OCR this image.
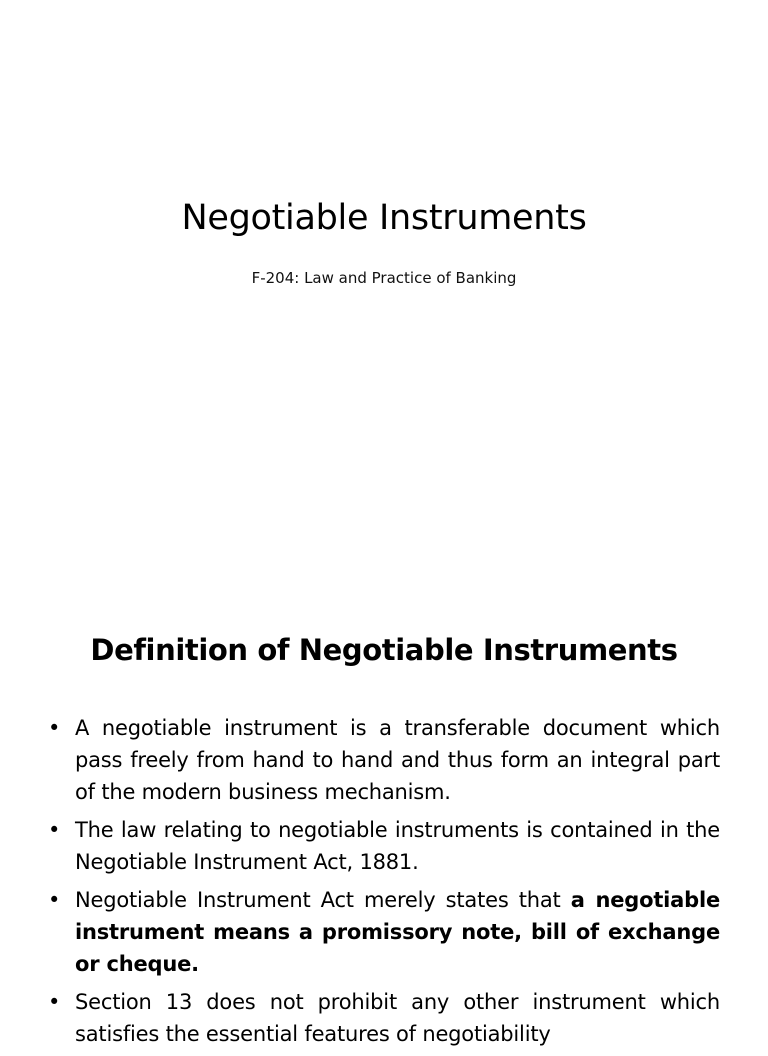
Negotiable Instruments

F-204: Law and Practice of Banking

Definition of Negotiable Instruments
• A negotiable instrument is a transferable document which pass freely from hand to hand and thus form an integral part of the modern business mechanism.
• The law relating to negotiable instruments is contained in the Negotiable Instrument Act, 1881.
• Negotiable Instrument Act merely states that a negotiable instrument means a promissory note, bill of exchange or cheque.
• Section 13 does not prohibit any other instrument which satisfies the essential features of negotiability
